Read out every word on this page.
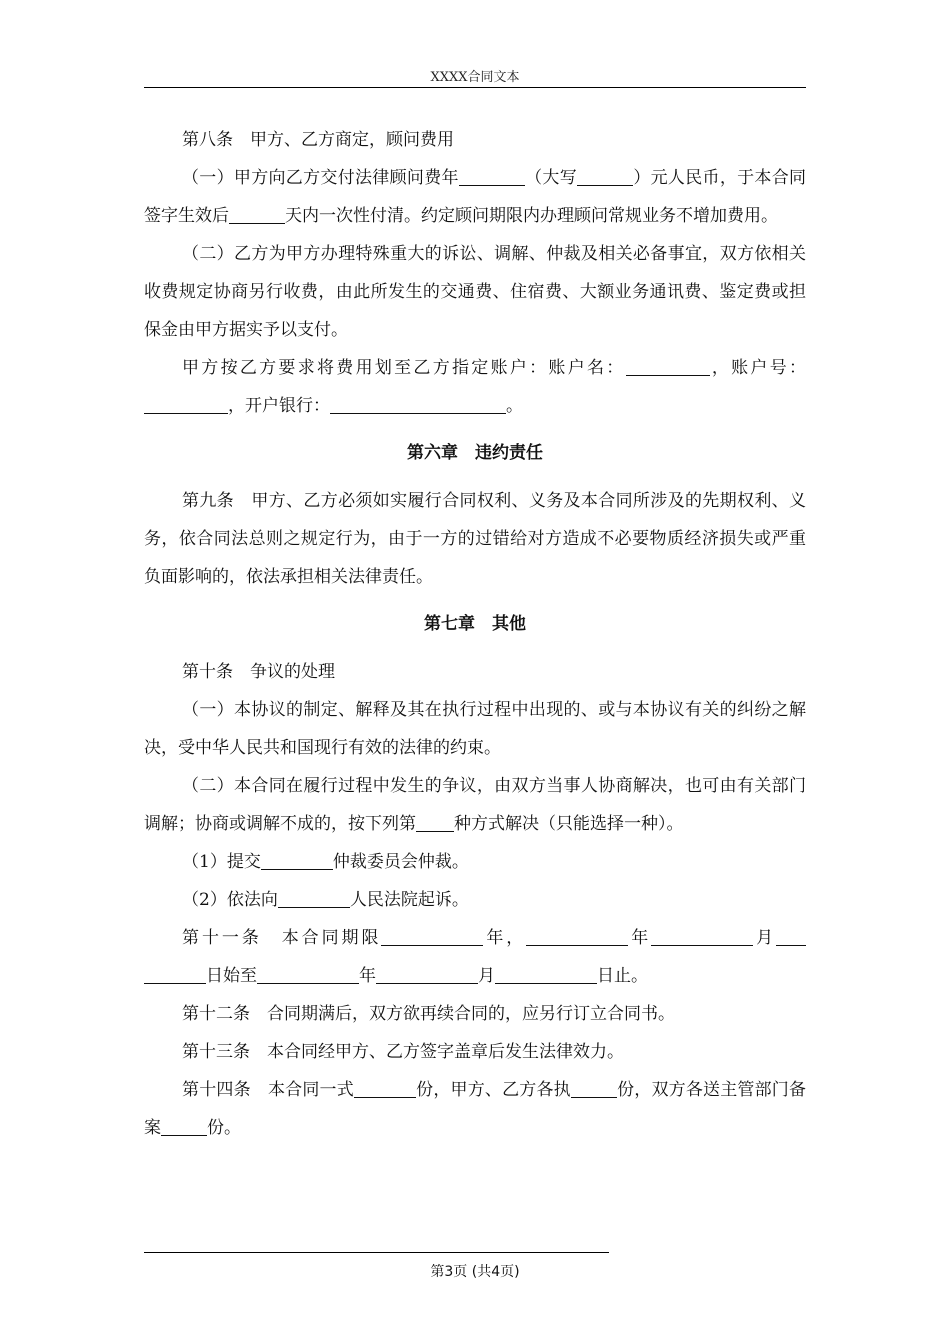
XXXX合同文本

第八条　甲方、乙方商定，顾问费用

（一）甲方向乙方交付法律顾问费年	（大写	）元人民币，于本合同签字生效后	天内一次性付清。约定顾问期限内办理顾问常规业务不增加费用。

（二）乙方为甲方办理特殊重大的诉讼、调解、仲裁及相关必备事宜，双方依相关收费规定协商另行收费，由此所发生的交通费、住宿费、大额业务通讯费、鉴定费或担保金由甲方据实予以支付。

甲方按乙方要求将费用划至乙方指定账户：账户名：	，账户号：，开户银行：	。

第六章　违约责任

第九条　甲方、乙方必须如实履行合同权利、义务及本合同所涉及的先期权利、义务，依合同法总则之规定行为，由于一方的过错给对方造成不必要物质经济损失或严重负面影响的，依法承担相关法律责任。

第七章　其他

第十条　争议的处理

（一）本协议的制定、解释及其在执行过程中出现的、或与本协议有关的纠纷之解决，受中华人民共和国现行有效的法律的约束。

（二）本合同在履行过程中发生的争议，由双方当事人协商解决，也可由有关部门调解；协商或调解不成的，按下列第 种方式解决（只能选择一种）。

（1）提交	仲裁委员会仲裁。

（2）依法向	人民法院起诉。

第十一条　本合同期限	年，	年	月日始至	年	月	日止。

第十二条　合同期满后，双方欲再续合同的，应另行订立合同书。

第十三条　本合同经甲方、乙方签字盖章后发生法律效力。

第十四条　本合同一式	份，甲方、乙方各执	份，双方各送主管部门备案	份。

第3页 (共4页)
